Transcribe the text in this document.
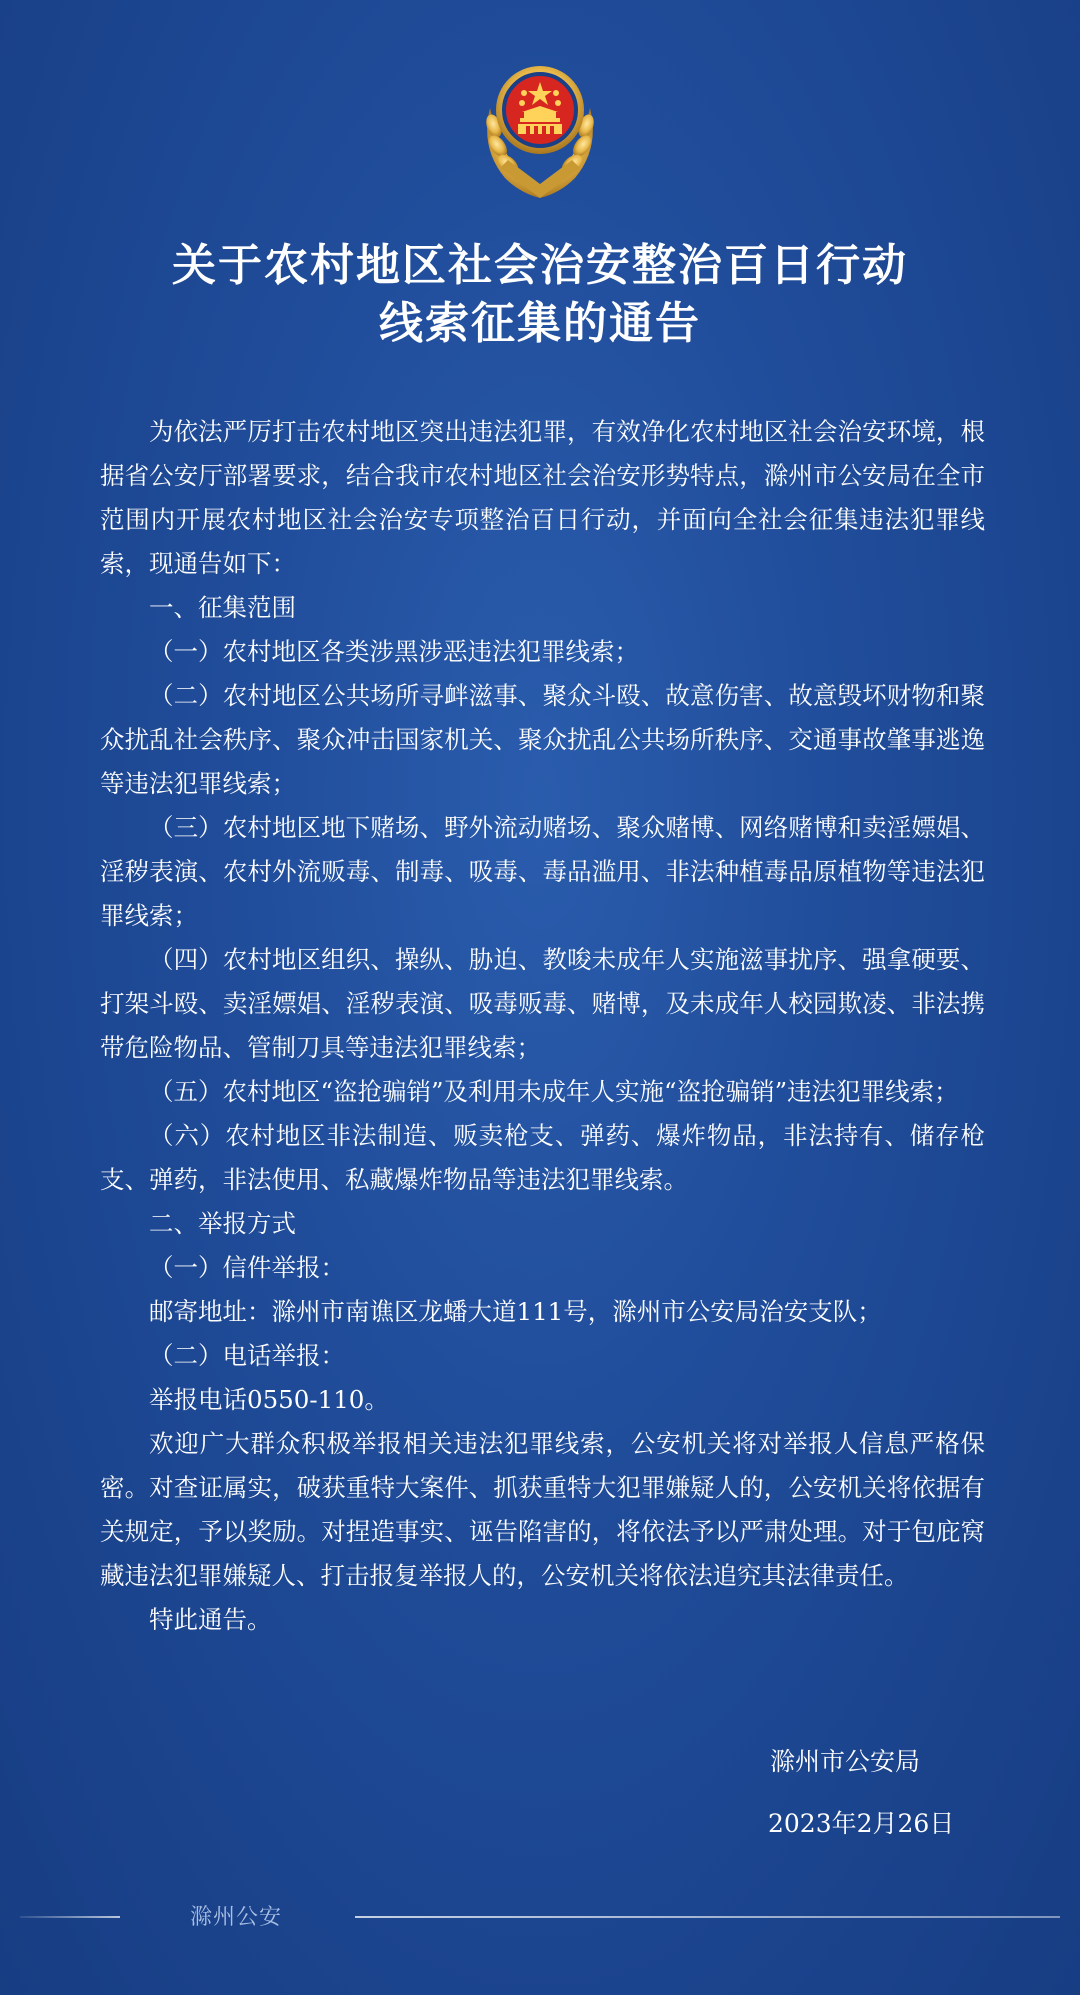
关于农村地区社会治安整治百日行动
线索征集的通告

为依法严厉打击农村地区突出违法犯罪，有效净化农村地区社会治安环境，根据省公安厅部署要求，结合我市农村地区社会治安形势特点，滁州市公安局在全市范围内开展农村地区社会治安专项整治百日行动，并面向全社会征集违法犯罪线索，现通告如下：

一、征集范围

（一）农村地区各类涉黑涉恶违法犯罪线索；

（二）农村地区公共场所寻衅滋事、聚众斗殴、故意伤害、故意毁坏财物和聚众扰乱社会秩序、聚众冲击国家机关、聚众扰乱公共场所秩序、交通事故肇事逃逸等违法犯罪线索；

（三）农村地区地下赌场、野外流动赌场、聚众赌博、网络赌博和卖淫嫖娼、淫秽表演、农村外流贩毒、制毒、吸毒、毒品滥用、非法种植毒品原植物等违法犯罪线索；

（四）农村地区组织、操纵、胁迫、教唆未成年人实施滋事扰序、强拿硬要、打架斗殴、卖淫嫖娼、淫秽表演、吸毒贩毒、赌博，及未成年人校园欺凌、非法携带危险物品、管制刀具等违法犯罪线索；

（五）农村地区“盗抢骗销”及利用未成年人实施“盗抢骗销”违法犯罪线索；

（六）农村地区非法制造、贩卖枪支、弹药、爆炸物品，非法持有、储存枪支、弹药，非法使用、私藏爆炸物品等违法犯罪线索。

二、举报方式

（一）信件举报：

邮寄地址：滁州市南谯区龙蟠大道111号，滁州市公安局治安支队；

（二）电话举报：

举报电话0550-110。

欢迎广大群众积极举报相关违法犯罪线索，公安机关将对举报人信息严格保密。对查证属实，破获重特大案件、抓获重特大犯罪嫌疑人的，公安机关将依据有关规定，予以奖励。对捏造事实、诬告陷害的，将依法予以严肃处理。对于包庇窝藏违法犯罪嫌疑人、打击报复举报人的，公安机关将依法追究其法律责任。

特此通告。

滁州市公安局
2023年2月26日
滁州公安
